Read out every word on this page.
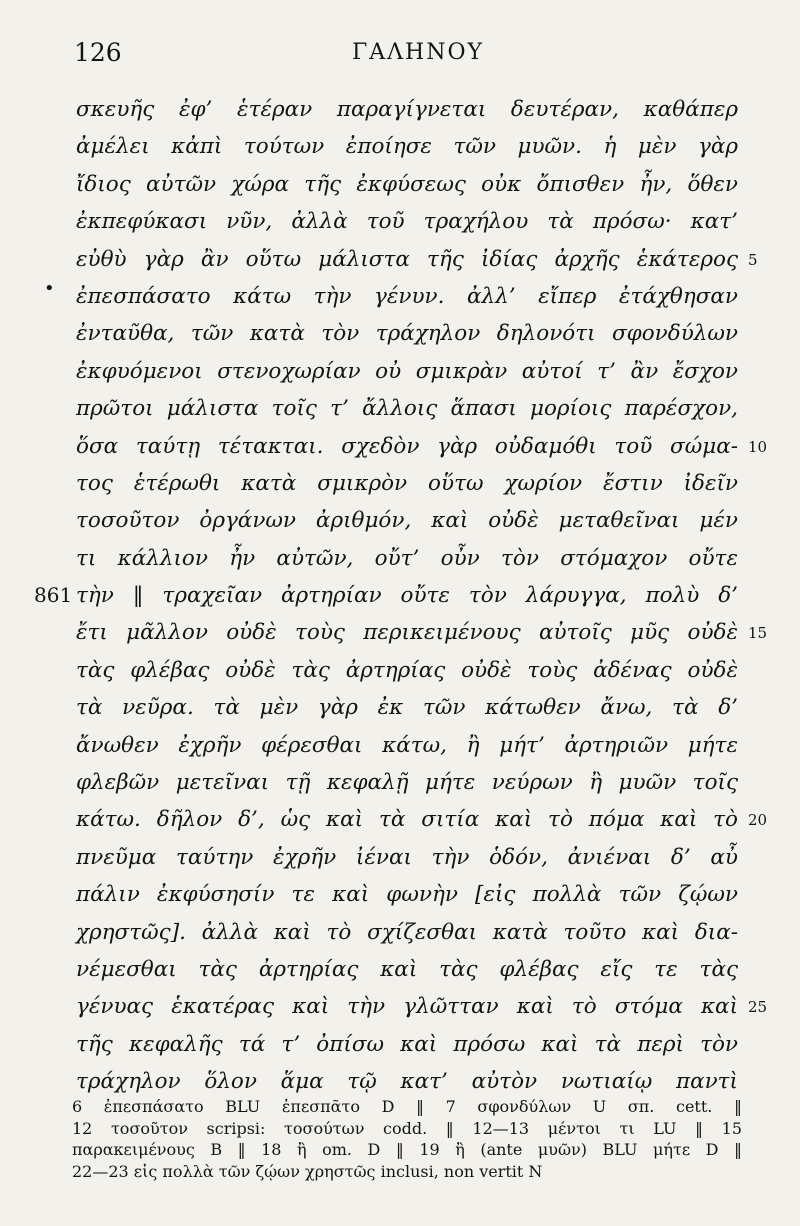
126	ΓΑΛΗΝΟΥ
σκευῆς ἐφ’ ἑτέραν παραγίγνεται δευτέραν, καθάπερ
ἀμέλει κἀπὶ τούτων ἐποίησε τῶν μυῶν. ἡ μὲν γὰρ
ἴδιος αὐτῶν χώρα τῆς ἐκφύσεως οὐκ ὄπισθεν ἦν, ὅθεν
ἐκπεφύκασι νῦν, ἀλλὰ τοῦ τραχήλου τὰ πρόσω· κατ’
εὐθὺ γὰρ ἂν οὕτω μάλιστα τῆς ἰδίας ἀρχῆς ἑκάτερος 5
ἐπεσπάσατο κάτω τὴν γένυν. ἀλλ’ εἴπερ ἐτάχθησαν
•
ἐνταῦθα, τῶν κατὰ τὸν τράχηλον δηλονότι σφονδύλων
ἐκφυόμενοι στενοχωρίαν οὐ σμικρὰν αὐτοί τ’ ἂν ἔσχον
πρῶτοι μάλιστα τοῖς τ’ ἄλλοις ἅπασι μορίοις παρέσχον,
ὅσα ταύτῃ τέτακται. σχεδὸν γὰρ οὐδαμόθι τοῦ σώμα- 10
τος ἑτέρωθι κατὰ σμικρὸν οὕτω χωρίον ἔστιν ἰδεῖν
τοσοῦτον ὀργάνων ἀριθμόν, καὶ οὐδὲ μεταθεῖναι μέν
τι κάλλιον ἦν αὐτῶν, οὔτ’ οὖν τὸν στόμαχον οὔτε
τὴν ‖ τραχεῖαν ἀρτηρίαν οὔτε τὸν λάρυγγα, πολὺ δ’
861
ἔτι μᾶλλον οὐδὲ τοὺς περικειμένους αὐτοῖς μῦς οὐδὲ 15
τὰς φλέβας οὐδὲ τὰς ἀρτηρίας οὐδὲ τοὺς ἀδένας οὐδὲ
τὰ νεῦρα. τὰ μὲν γὰρ ἐκ τῶν κάτωθεν ἄνω, τὰ δ’
ἄνωθεν ἐχρῆν φέρεσθαι κάτω, ἢ μήτ’ ἀρτηριῶν μήτε
φλεβῶν μετεῖναι τῇ κεφαλῇ μήτε νεύρων ἢ μυῶν τοῖς
κάτω. δῆλον δ’, ὡς καὶ τὰ σιτία καὶ τὸ πόμα καὶ τὸ 20
πνεῦμα ταύτην ἐχρῆν ἰέναι τὴν ὁδόν, ἀνιέναι δ’ αὖ
πάλιν ἐκφύσησίν τε καὶ φωνὴν [εἰς πολλὰ τῶν ζῴων
χρηστῶς]. ἀλλὰ καὶ τὸ σχίζεσθαι κατὰ τοῦτο καὶ δια-
νέμεσθαι τὰς ἀρτηρίας καὶ τὰς φλέβας εἴς τε τὰς
γένυας ἑκατέρας καὶ τὴν γλῶτταν καὶ τὸ στόμα καὶ 25
τῆς κεφαλῆς τά τ’ ὀπίσω καὶ πρόσω καὶ τὰ περὶ τὸν
τράχηλον ὅλον ἅμα τῷ κατ’ αὐτὸν νωτιαίῳ παντὶ
6 ἐπεσπάσατο BLU ἐπεσπᾶτο D ‖ 7 σφονδύλων U σπ. cett. ‖
12 τοσοῦτον scripsi: τοσούτων codd. ‖ 12—13 μέντοι τι LU ‖ 15
παρακειμένους B ‖ 18 ἢ om. D ‖ 19 ἢ (ante μυῶν) BLU μήτε D ‖
22—23 εἰς πολλὰ τῶν ζῴων χρηστῶς inclusi, non vertit N
